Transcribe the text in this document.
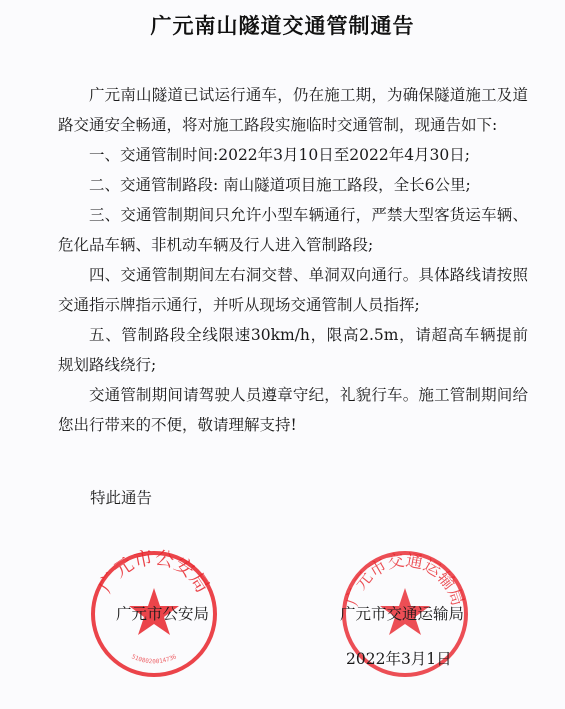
广元南山隧道交通管制通告

广元南山隧道已试运行通车，仍在施工期，为确保隧道施工及道路交通安全畅通，将对施工路段实施临时交通管制，现通告如下:

一、交通管制时间:2022年3月10日至2022年4月30日;

二、交通管制路段: 南山隧道项目施工路段，全长6公里;

三、交通管制期间只允许小型车辆通行，严禁大型客货运车辆、危化品车辆、非机动车辆及行人进入管制路段;

四、交通管制期间左右洞交替、单洞双向通行。具体路线请按照交通指示牌指示通行，并听从现场交通管制人员指挥;

五、管制路段全线限速30km/h，限高2.5m，请超高车辆提前规划路线绕行;

交通管制期间请驾驶人员遵章守纪，礼貌行车。施工管制期间给您出行带来的不便，敬请理解支持!

特此通告
广元市公安局
5108020014736
广元市交通运输局
广元市公安局	广元市交通运输局
2022年3月1日
